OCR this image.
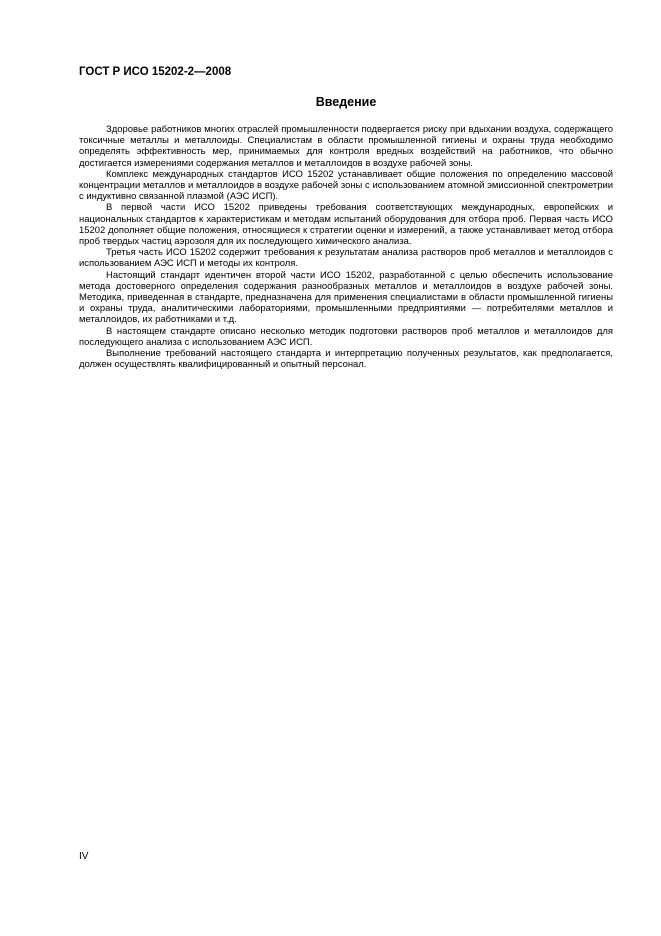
ГОСТ Р ИСО 15202-2—2008
Введение

Здоровье работников многих отраслей промышленности подвергается риску при вдыхании воздуха, содержащего токсичные металлы и металлоиды. Специалистам в области промышленной гигиены и охраны труда необходимо определять эффективность мер, принимаемых для контроля вредных воздействий на работников, что обычно достигается измерениями содержания металлов и металлоидов в воздухе рабочей зоны.

Комплекс международных стандартов ИСО 15202 устанавливает общие положения по определению массовой концентрации металлов и металлоидов в воздухе рабочей зоны с использованием атомной эмиссионной спектрометрии с индуктивно связанной плазмой (АЭС ИСП).

В первой части ИСО 15202 приведены требования соответствующих международных, европейских и национальных стандартов к характеристикам и методам испытаний оборудования для отбора проб. Первая часть ИСО 15202 дополняет общие положения, относящиеся к стратегии оценки и измерений, а также устанавливает метод отбора проб твердых частиц аэрозоля для их последующего химического анализа.

Третья часть ИСО 15202 содержит требования к результатам анализа растворов проб металлов и металлоидов с использованием АЭС ИСП и методы их контроля.

Настоящий стандарт идентичен второй части ИСО 15202, разработанной с целью обеспечить использование метода достоверного определения содержания разнообразных металлов и металлоидов в воздухе рабочей зоны. Методика, приведенная в стандарте, предназначена для применения специалистами в области промышленной гигиены и охраны труда, аналитическими лабораториями, промышленными предприятиями — потребителями металлов и металлоидов, их работниками и т.д.

В настоящем стандарте описано несколько методик подготовки растворов проб металлов и металлоидов для последующего анализа с использованием АЭС ИСП.

Выполнение требований настоящего стандарта и интерпретацию полученных результатов, как предполагается, должен осуществлять квалифицированный и опытный персонал.

IV
